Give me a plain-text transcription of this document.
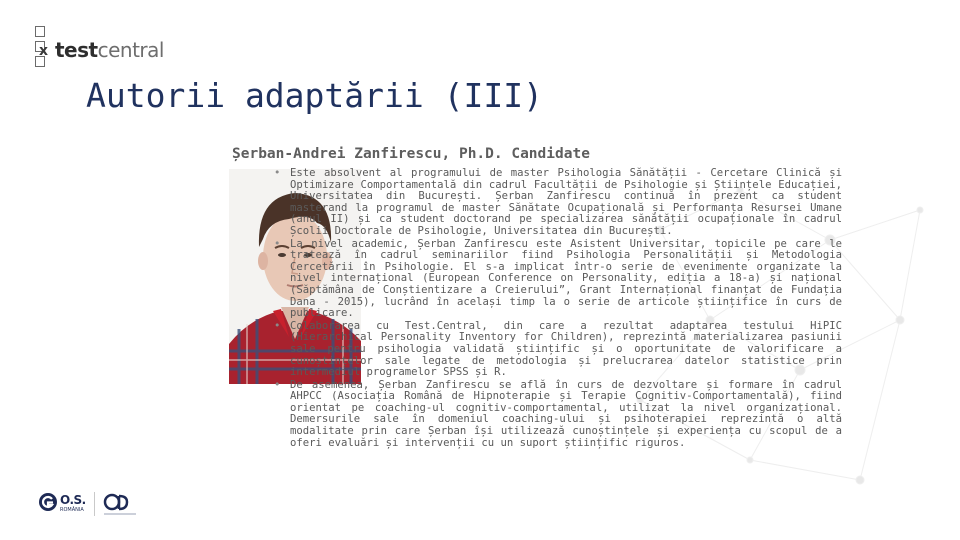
x testcentral
Autorii adaptării (III)
Șerban-Andrei Zanfirescu, Ph.D. Candidate
• Este absolvent al programului de master Psihologia Sănătății - Cercetare Clinică și Optimizare Comportamentală din cadrul Facultății de Psihologie și Științele Educației, Universitatea din București. Șerban Zanfirescu continuă în prezent ca student masterand la programul de master Sănătate Ocupațională și Performanța Resursei Umane (anul II) și ca student doctorand pe specializarea sănătății ocupaționale în cadrul Școlii Doctorale de Psihologie, Universitatea din București.
• La nivel academic, Șerban Zanfirescu este Asistent Universitar, topicile pe care le tratează în cadrul seminariilor fiind Psihologia Personalității și Metodologia Cercetării în Psihologie. El s-a implicat într-o serie de evenimente organizate la nivel internațional (European Conference on Personality, ediția a 18-a) și național (Săptămâna de Conștientizare a Creierului”, Grant Internațional finanțat de Fundația Dana - 2015), lucrând în același timp la o serie de articole științifice în curs de publicare.
• Colaborarea cu Test.Central, din care a rezultat adaptarea testului HiPIC (Hierarchical Personality Inventory for Children), reprezintă materializarea pasiunii sale pentru psihologia validată științific și o oportunitate de valorificare a cunoștințelor sale legate de metodologia și prelucrarea datelor statistice prin intermediul programelor SPSS și R.
• De asemenea, Șerban Zanfirescu se află în curs de dezvoltare și formare în cadrul AHPCC (Asociația Română de Hipnoterapie și Terapie Cognitiv-Comportamentală), fiind orientat pe coaching-ul cognitiv-comportamental, utilizat la nivel organizațional. Demersurile sale în domeniul coaching-ului și psihoterapiei reprezintă o altă modalitate prin care Șerban își utilizează cunoștințele și experiența cu scopul de a oferi evaluări și intervenții cu un suport științific riguros.
O.S.
ROMÂNIA
